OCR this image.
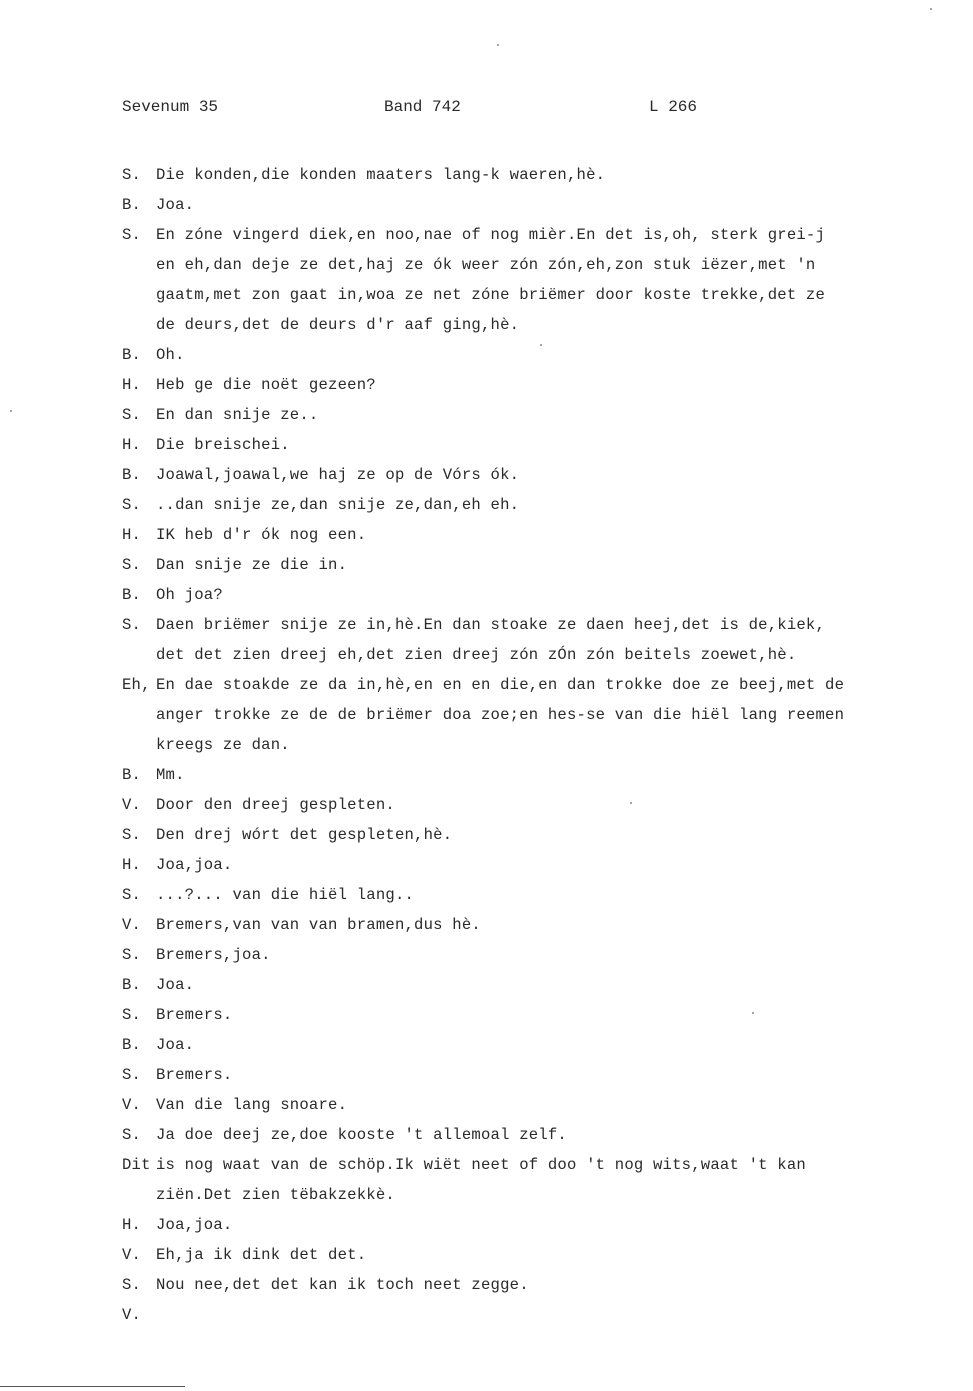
Sevenum 35	Band 742	L 266
S. Die konden,die konden maaters lang-k waeren,hè.
B. Joa.
S. En zóne vingerd diek,en noo,nae of nog mièr.En det is,oh, sterk grei-j
en eh,dan deje ze det,haj ze ók weer zón zón,eh,zon stuk iëzer,met 'n
gaatm,met zon gaat in,woa ze net zóne briëmer door koste trekke,det ze
de deurs,det de deurs d'r aaf ging,hè.
B. Oh.
H. Heb ge die noët gezeen?
S. En dan snije ze..
H. Die breischei.
B. Joawal,joawal,we haj ze op de Vórs ók.
S. ..dan snije ze,dan snije ze,dan,eh eh.
H. IK heb d'r ók nog een.
S. Dan snije ze die in.
B. Oh joa?
S. Daen briëmer snije ze in,hè.En dan stoake ze daen heej,det is de,kiek,
det det zien dreej eh,det zien dreej zón zÓn zón beitels zoewet,hè.
Eh, En dae stoakde ze da in,hè,en en en die,en dan trokke doe ze beej,met de
anger trokke ze de de briëmer doa zoe;en hes-se van die hiël lang reemen
kreegs ze dan.
B. Mm.
V. Door den dreej gespleten.
S. Den drej wórt det gespleten,hè.
H. Joa,joa.
S. ...?... van die hiël lang..
V. Bremers,van van van bramen,dus hè.
S. Bremers,joa.
B. Joa.
S. Bremers.
B. Joa.
S. Bremers.
V. Van die lang snoare.
S. Ja doe deej ze,doe kooste 't allemoal zelf.
Dit is nog waat van de schöp.Ik wiët neet of doo 't nog wits,waat 't kan
ziën.Det zien tëbakzekkè.
H. Joa,joa.
V. Eh,ja ik dink det det.
S. Nou nee,det det kan ik toch neet zegge.
V.
